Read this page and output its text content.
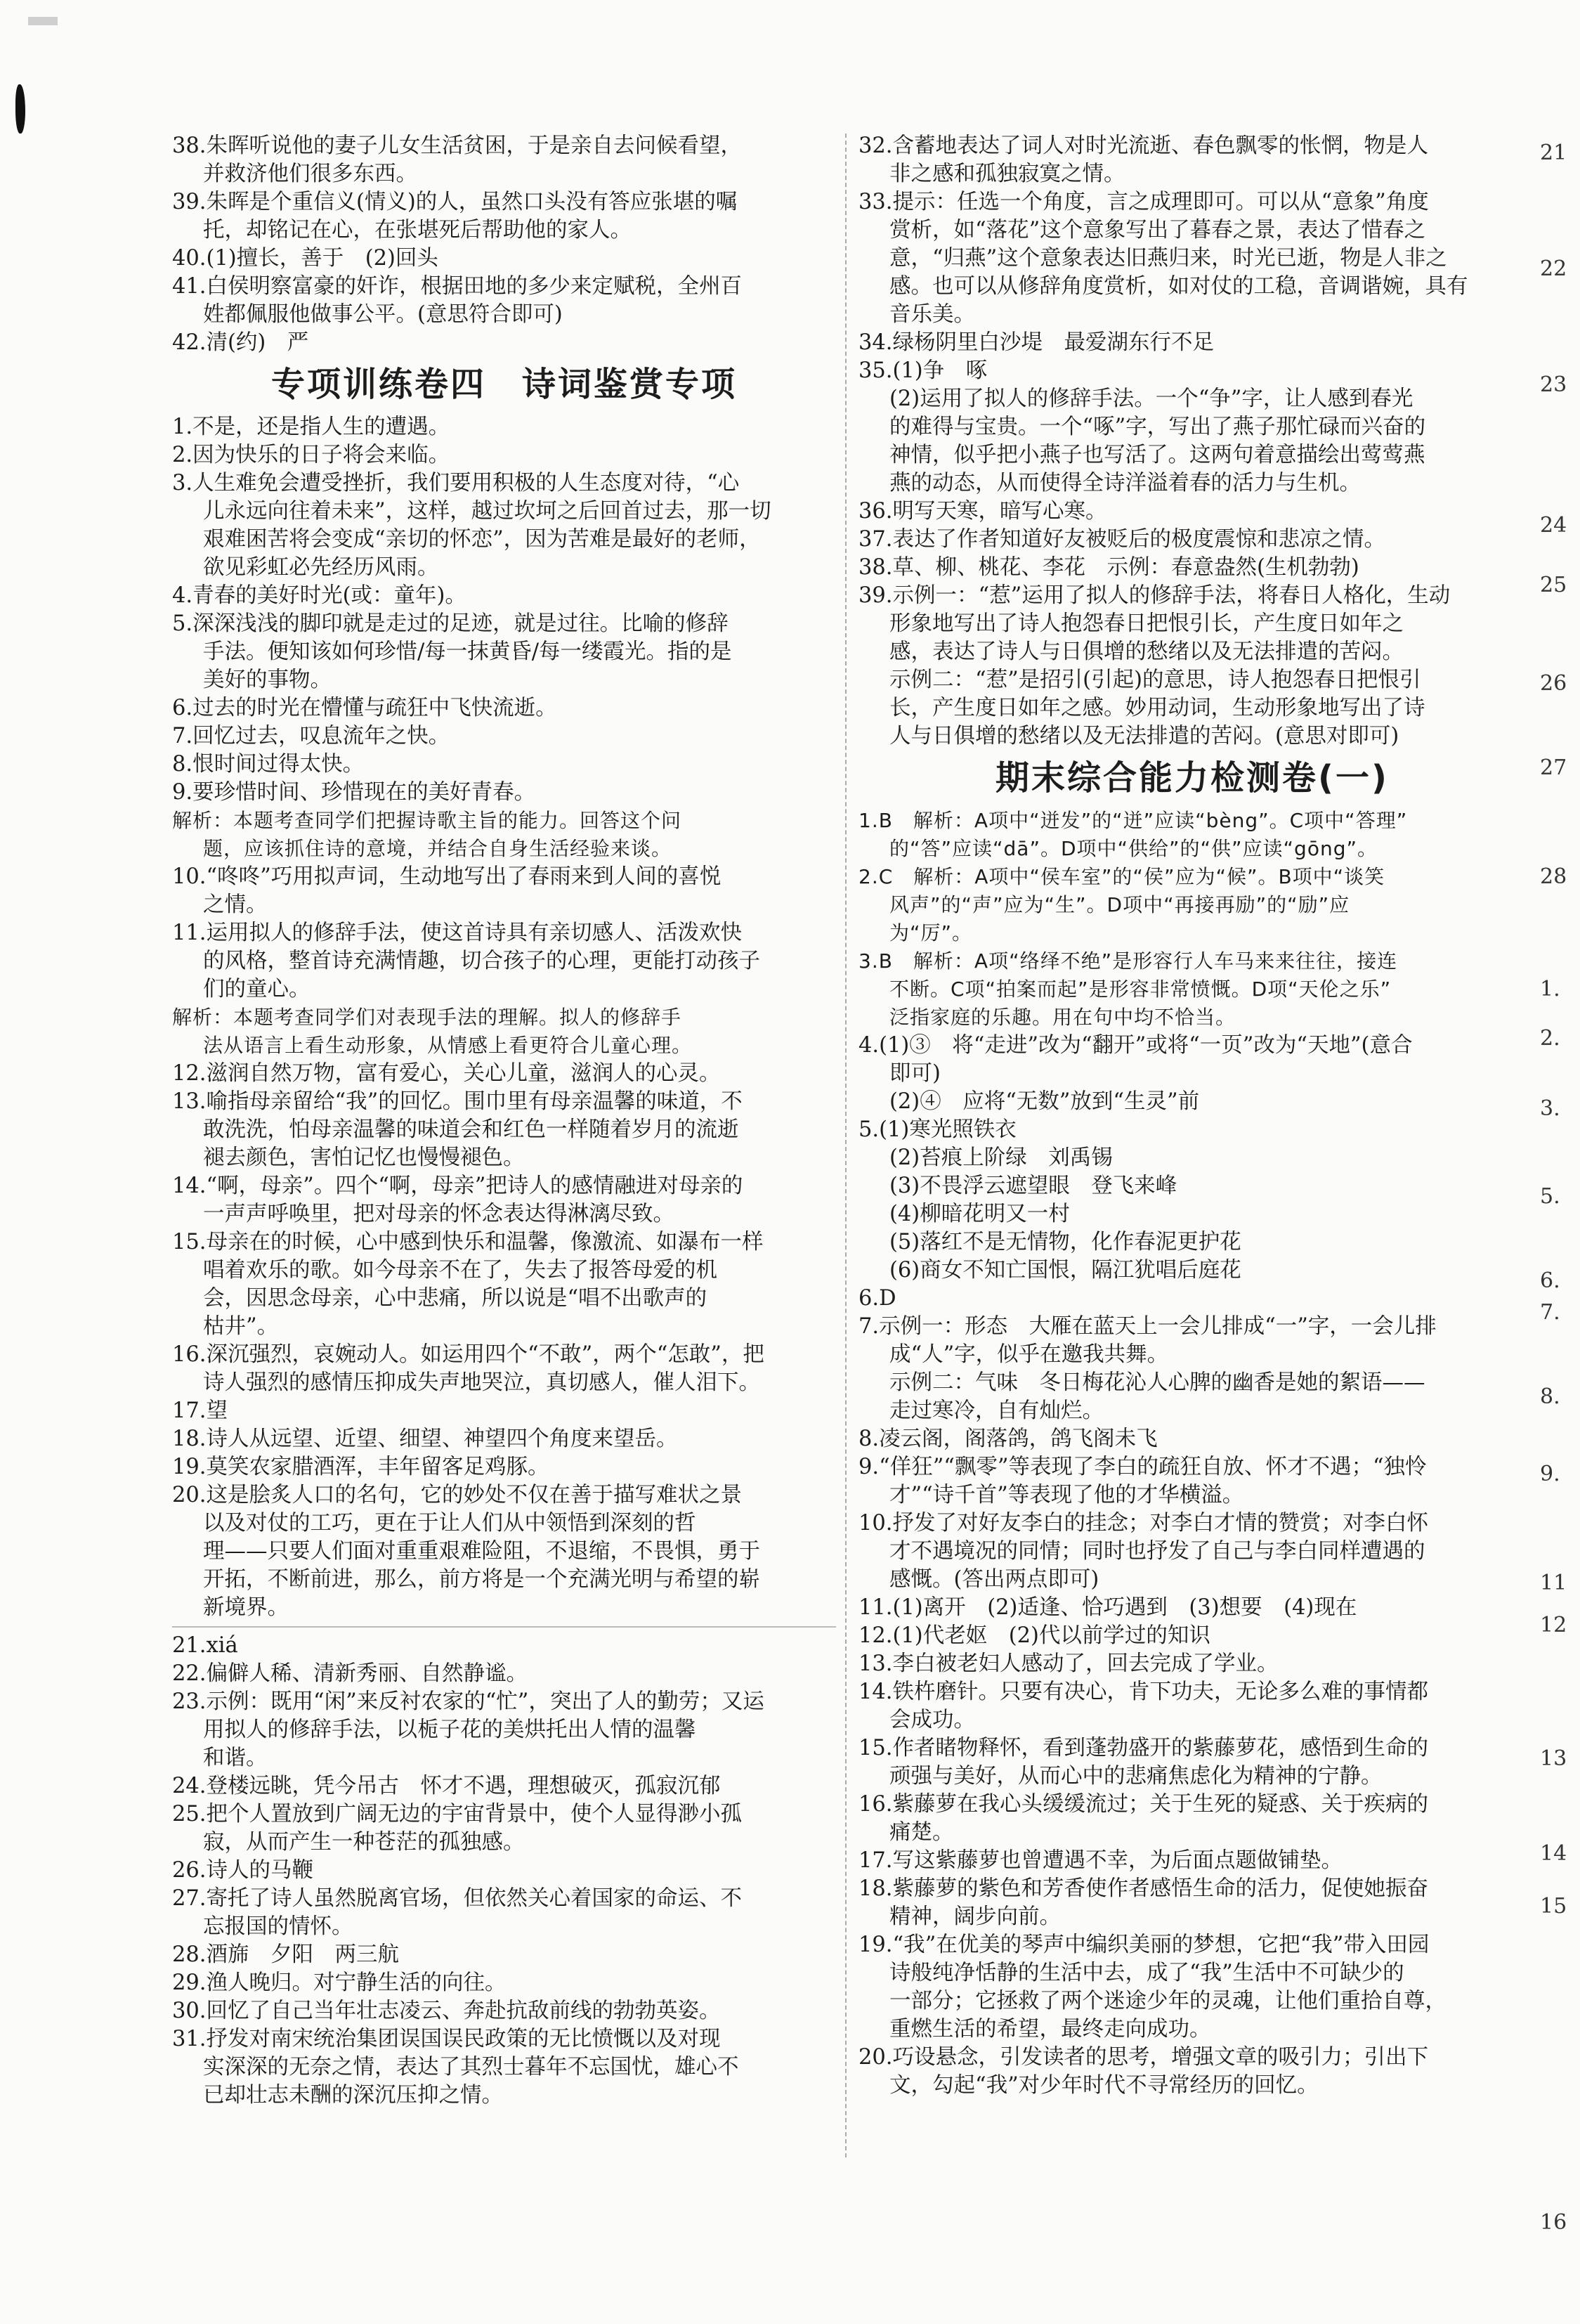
38.朱晖听说他的妻子儿女生活贫困，于是亲自去问候看望，

并救济他们很多东西。

39.朱晖是个重信义(情义)的人，虽然口头没有答应张堪的嘱

托，却铭记在心，在张堪死后帮助他的家人。

40.(1)擅长，善于　(2)回头

41.白侯明察富豪的奸诈，根据田地的多少来定赋税，全州百

姓都佩服他做事公平。(意思符合即可)

42.清(约)　严

专项训练卷四　诗词鉴赏专项

1.不是，还是指人生的遭遇。

2.因为快乐的日子将会来临。

3.人生难免会遭受挫折，我们要用积极的人生态度对待，“心

儿永远向往着未来”，这样，越过坎坷之后回首过去，那一切

艰难困苦将会变成“亲切的怀恋”，因为苦难是最好的老师，

欲见彩虹必先经历风雨。

4.青春的美好时光(或：童年)。

5.深深浅浅的脚印就是走过的足迹，就是过往。比喻的修辞

手法。便知该如何珍惜/每一抹黄昏/每一缕霞光。指的是

美好的事物。

6.过去的时光在懵懂与疏狂中飞快流逝。

7.回忆过去，叹息流年之快。

8.恨时间过得太快。

9.要珍惜时间、珍惜现在的美好青春。

解析：本题考查同学们把握诗歌主旨的能力。回答这个问

题，应该抓住诗的意境，并结合自身生活经验来谈。

10.“咚咚”巧用拟声词，生动地写出了春雨来到人间的喜悦

之情。

11.运用拟人的修辞手法，使这首诗具有亲切感人、活泼欢快

的风格，整首诗充满情趣，切合孩子的心理，更能打动孩子

们的童心。

解析：本题考查同学们对表现手法的理解。拟人的修辞手

法从语言上看生动形象，从情感上看更符合儿童心理。

12.滋润自然万物，富有爱心，关心儿童，滋润人的心灵。

13.喻指母亲留给“我”的回忆。围巾里有母亲温馨的味道，不

敢洗洗，怕母亲温馨的味道会和红色一样随着岁月的流逝

褪去颜色，害怕记忆也慢慢褪色。

14.“啊，母亲”。四个“啊，母亲”把诗人的感情融进对母亲的

一声声呼唤里，把对母亲的怀念表达得淋漓尽致。

15.母亲在的时候，心中感到快乐和温馨，像激流、如瀑布一样

唱着欢乐的歌。如今母亲不在了，失去了报答母爱的机

会，因思念母亲，心中悲痛，所以说是“唱不出歌声的

枯井”。

16.深沉强烈，哀婉动人。如运用四个“不敢”，两个“怎敢”，把

诗人强烈的感情压抑成失声地哭泣，真切感人，催人泪下。

17.望

18.诗人从远望、近望、细望、神望四个角度来望岳。

19.莫笑农家腊酒浑，丰年留客足鸡豚。

20.这是脍炙人口的名句，它的妙处不仅在善于描写难状之景

以及对仗的工巧，更在于让人们从中领悟到深刻的哲

理——只要人们面对重重艰难险阻，不退缩，不畏惧，勇于

开拓，不断前进，那么，前方将是一个充满光明与希望的崭

新境界。

21.xiá

22.偏僻人稀、清新秀丽、自然静谧。

23.示例：既用“闲”来反衬农家的“忙”，突出了人的勤劳；又运

用拟人的修辞手法，以栀子花的美烘托出人情的温馨

和谐。

24.登楼远眺，凭今吊古　怀才不遇，理想破灭，孤寂沉郁

25.把个人置放到广阔无边的宇宙背景中，使个人显得渺小孤

寂，从而产生一种苍茫的孤独感。

26.诗人的马鞭

27.寄托了诗人虽然脱离官场，但依然关心着国家的命运、不

忘报国的情怀。

28.酒旆　夕阳　两三航

29.渔人晚归。对宁静生活的向往。

30.回忆了自己当年壮志凌云、奔赴抗敌前线的勃勃英姿。

31.抒发对南宋统治集团误国误民政策的无比愤慨以及对现

实深深的无奈之情，表达了其烈士暮年不忘国忧，雄心不

已却壮志未酬的深沉压抑之情。

32.含蓄地表达了词人对时光流逝、春色飘零的怅惘，物是人

非之感和孤独寂寞之情。

33.提示：任选一个角度，言之成理即可。可以从“意象”角度

赏析，如“落花”这个意象写出了暮春之景，表达了惜春之

意，“归燕”这个意象表达旧燕归来，时光已逝，物是人非之

感。也可以从修辞角度赏析，如对仗的工稳，音调谐婉，具有

音乐美。

34.绿杨阴里白沙堤　最爱湖东行不足

35.(1)争　啄

(2)运用了拟人的修辞手法。一个“争”字，让人感到春光

的难得与宝贵。一个“啄”字，写出了燕子那忙碌而兴奋的

神情，似乎把小燕子也写活了。这两句着意描绘出莺莺燕

燕的动态，从而使得全诗洋溢着春的活力与生机。

36.明写天寒，暗写心寒。

37.表达了作者知道好友被贬后的极度震惊和悲凉之情。

38.草、柳、桃花、李花　示例：春意盎然(生机勃勃)

39.示例一：“惹”运用了拟人的修辞手法，将春日人格化，生动

形象地写出了诗人抱怨春日把恨引长，产生度日如年之

感，表达了诗人与日俱增的愁绪以及无法排遣的苦闷。

示例二：“惹”是招引(引起)的意思，诗人抱怨春日把恨引

长，产生度日如年之感。妙用动词，生动形象地写出了诗

人与日俱增的愁绪以及无法排遣的苦闷。(意思对即可)

期末综合能力检测卷(一)

1.B　解析：A项中“迸发”的“迸”应读“bèng”。C项中“答理”

的“答”应读“dā”。D项中“供给”的“供”应读“gōng”。

2.C　解析：A项中“侯车室”的“侯”应为“候”。B项中“谈笑

风声”的“声”应为“生”。D项中“再接再励”的“励”应

为“厉”。

3.B　解析：A项“络绎不绝”是形容行人车马来来往往，接连

不断。C项“拍案而起”是形容非常愤慨。D项“天伦之乐”

泛指家庭的乐趣。用在句中均不恰当。

4.(1)③　将“走进”改为“翻开”或将“一页”改为“天地”(意合

即可)

(2)④　应将“无数”放到“生灵”前

5.(1)寒光照铁衣

(2)苔痕上阶绿　刘禹锡

(3)不畏浮云遮望眼　登飞来峰

(4)柳暗花明又一村

(5)落红不是无情物，化作春泥更护花

(6)商女不知亡国恨，隔江犹唱后庭花

6.D

7.示例一：形态　大雁在蓝天上一会儿排成“一”字，一会儿排

成“人”字，似乎在邀我共舞。

示例二：气味　冬日梅花沁人心脾的幽香是她的絮语——

走过寒冷，自有灿烂。

8.凌云阁，阁落鸽，鸽飞阁未飞

9.“佯狂”“飘零”等表现了李白的疏狂自放、怀才不遇；“独怜

才”“诗千首”等表现了他的才华横溢。

10.抒发了对好友李白的挂念；对李白才情的赞赏；对李白怀

才不遇境况的同情；同时也抒发了自己与李白同样遭遇的

感慨。(答出两点即可)

11.(1)离开　(2)适逢、恰巧遇到　(3)想要　(4)现在

12.(1)代老妪　(2)代以前学过的知识

13.李白被老妇人感动了，回去完成了学业。

14.铁杵磨针。只要有决心，肯下功夫，无论多么难的事情都

会成功。

15.作者睹物释怀，看到蓬勃盛开的紫藤萝花，感悟到生命的

顽强与美好，从而心中的悲痛焦虑化为精神的宁静。

16.紫藤萝在我心头缓缓流过；关于生死的疑惑、关于疾病的

痛楚。

17.写这紫藤萝也曾遭遇不幸，为后面点题做铺垫。

18.紫藤萝的紫色和芳香使作者感悟生命的活力，促使她振奋

精神，阔步向前。

19.“我”在优美的琴声中编织美丽的梦想，它把“我”带入田园

诗般纯净恬静的生活中去，成了“我”生活中不可缺少的

一部分；它拯救了两个迷途少年的灵魂，让他们重拾自尊，

重燃生活的希望，最终走向成功。

20.巧设悬念，引发读者的思考，增强文章的吸引力；引出下

文，勾起“我”对少年时代不寻常经历的回忆。

21
22
23
24
25
26
27
28
1.
2.
3.
5.
6.
7.
8.
9.
11
12
13
14
15
16
